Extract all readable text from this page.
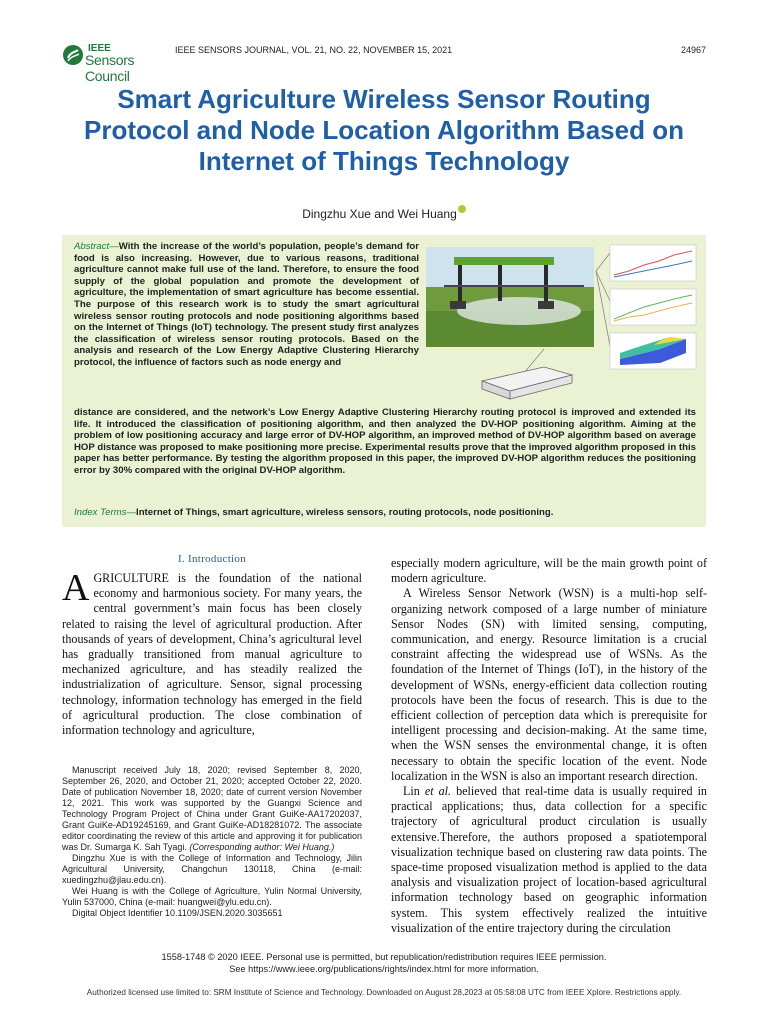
IEEE
Sensors Council
IEEE SENSORS JOURNAL, VOL. 21, NO. 22, NOVEMBER 15, 2021	24967
Smart Agriculture Wireless Sensor Routing Protocol and Node Location Algorithm Based on Internet of Things Technology
Dingzhu Xue and Wei Huang
Abstract—With the increase of the world’s population, people’s demand for food is also increasing. However, due to various reasons, traditional agriculture cannot make full use of the land. Therefore, to ensure the food supply of the global population and promote the development of agriculture, the implementation of smart agriculture has become essential. The purpose of this research work is to study the smart agricultural wireless sensor routing protocols and node positioning algorithms based on the Internet of Things (IoT) technology. The present study first analyzes the classification of wireless sensor routing protocols. Based on the analysis and research of the Low Energy Adaptive Clustering Hierarchy protocol, the influence of factors such as node energy and
distance are considered, and the network’s Low Energy Adaptive Clustering Hierarchy routing protocol is improved and extended its life. It introduced the classification of positioning algorithm, and then analyzed the DV-HOP positioning algorithm. Aiming at the problem of low positioning accuracy and large error of DV-HOP algorithm, an improved method of DV-HOP algorithm based on average HOP distance was proposed to make positioning more precise. Experimental results prove that the improved algorithm proposed in this paper has better performance. By testing the algorithm proposed in this paper, the improved DV-HOP algorithm reduces the positioning error by 30% compared with the original DV-HOP algorithm.
Index Terms—Internet of Things, smart agriculture, wireless sensors, routing protocols, node positioning.
I. Introduction
AGRICULTURE is the foundation of the national economy and harmonious society. For many years, the central government’s main focus has been closely related to raising the level of agricultural production. After thousands of years of development, China’s agricultural level has gradually transitioned from manual agriculture to mechanized agriculture, and has steadily realized the industrialization of agriculture. Sensor, signal processing technology, information technology has emerged in the field of agricultural production. The close combination of information technology and agriculture,

Manuscript received July 18, 2020; revised September 8, 2020, September 26, 2020, and October 21, 2020; accepted October 22, 2020. Date of publication November 18, 2020; date of current version November 12, 2021. This work was supported by the Guangxi Science and Technology Program Project of China under Grant GuiKe-AA17202037, Grant GuiKe-AD19245169, and Grant GuiKe-AD18281072. The associate editor coordinating the review of this article and approving it for publication was Dr. Sumarga K. Sah Tyagi. (Corresponding author: Wei Huang.)

Dingzhu Xue is with the College of Information and Technology, Jilin Agricultural University, Changchun 130118, China (e-mail: xuedingzhu@jlau.edu.cn).

Wei Huang is with the College of Agriculture, Yulin Normal University, Yulin 537000, China (e-mail: huangwei@ylu.edu.cn).

Digital Object Identifier 10.1109/JSEN.2020.3035651

especially modern agriculture, will be the main growth point of modern agriculture.

A Wireless Sensor Network (WSN) is a multi-hop self-organizing network composed of a large number of miniature Sensor Nodes (SN) with limited sensing, computing, communication, and energy. Resource limitation is a crucial constraint affecting the widespread use of WSNs. As the foundation of the Internet of Things (IoT), in the history of the development of WSNs, energy-efficient data collection routing protocols have been the focus of research. This is due to the efficient collection of perception data which is prerequisite for intelligent processing and decision-making. At the same time, when the WSN senses the environmental change, it is often necessary to obtain the specific location of the event. Node localization in the WSN is also an important research direction.

Lin et al. believed that real-time data is usually required in practical applications; thus, data collection for a specific trajectory of agricultural product circulation is usually extensive.Therefore, the authors proposed a spatiotemporal visualization technique based on clustering raw data points. The space-time proposed visualization method is applied to the data analysis and visualization project of location-based agricultural information technology based on geographic information system. This system effectively realized the intuitive visualization of the entire trajectory during the circulation

1558-1748 © 2020 IEEE. Personal use is permitted, but republication/redistribution requires IEEE permission.
See https://www.ieee.org/publications/rights/index.html for more information.
Authorized licensed use limited to: SRM Institute of Science and Technology. Downloaded on August 28,2023 at 05:58:08 UTC from IEEE Xplore. Restrictions apply.
